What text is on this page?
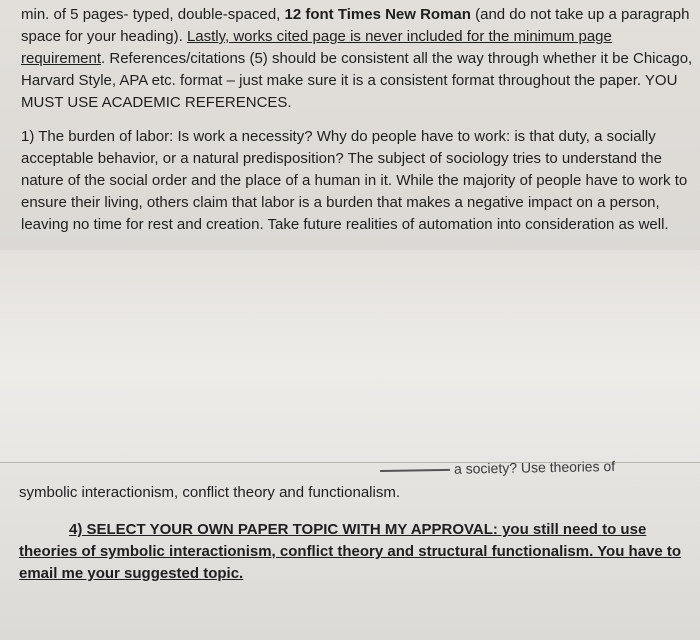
min. of 5 pages- typed, double-spaced, 12 font Times New Roman (and do not take up a paragraph
space for your heading). Lastly, works cited page is never included for the minimum page
requirement. References/citations (5) should be consistent all the way through whether it be Chicago,
Harvard Style, APA etc. format – just make sure it is a consistent format throughout the paper. YOU
MUST USE ACADEMIC REFERENCES.
1) The burden of labor: Is work a necessity? Why do people have to work: is that duty, a socially
acceptable behavior, or a natural predisposition? The subject of sociology tries to understand the
nature of the social order and the place of a human in it. While the majority of people have to work to
ensure their living, others claim that labor is a burden that makes a negative impact on a person,
leaving no time for rest and creation. Take future realities of automation into consideration as well.
a society? Use theories of
symbolic interactionism, conflict theory and functionalism.
4) SELECT YOUR OWN PAPER TOPIC WITH MY APPROVAL: you still need to use
theories of symbolic interactionism, conflict theory and structural functionalism. You have to
email me your suggested topic.
